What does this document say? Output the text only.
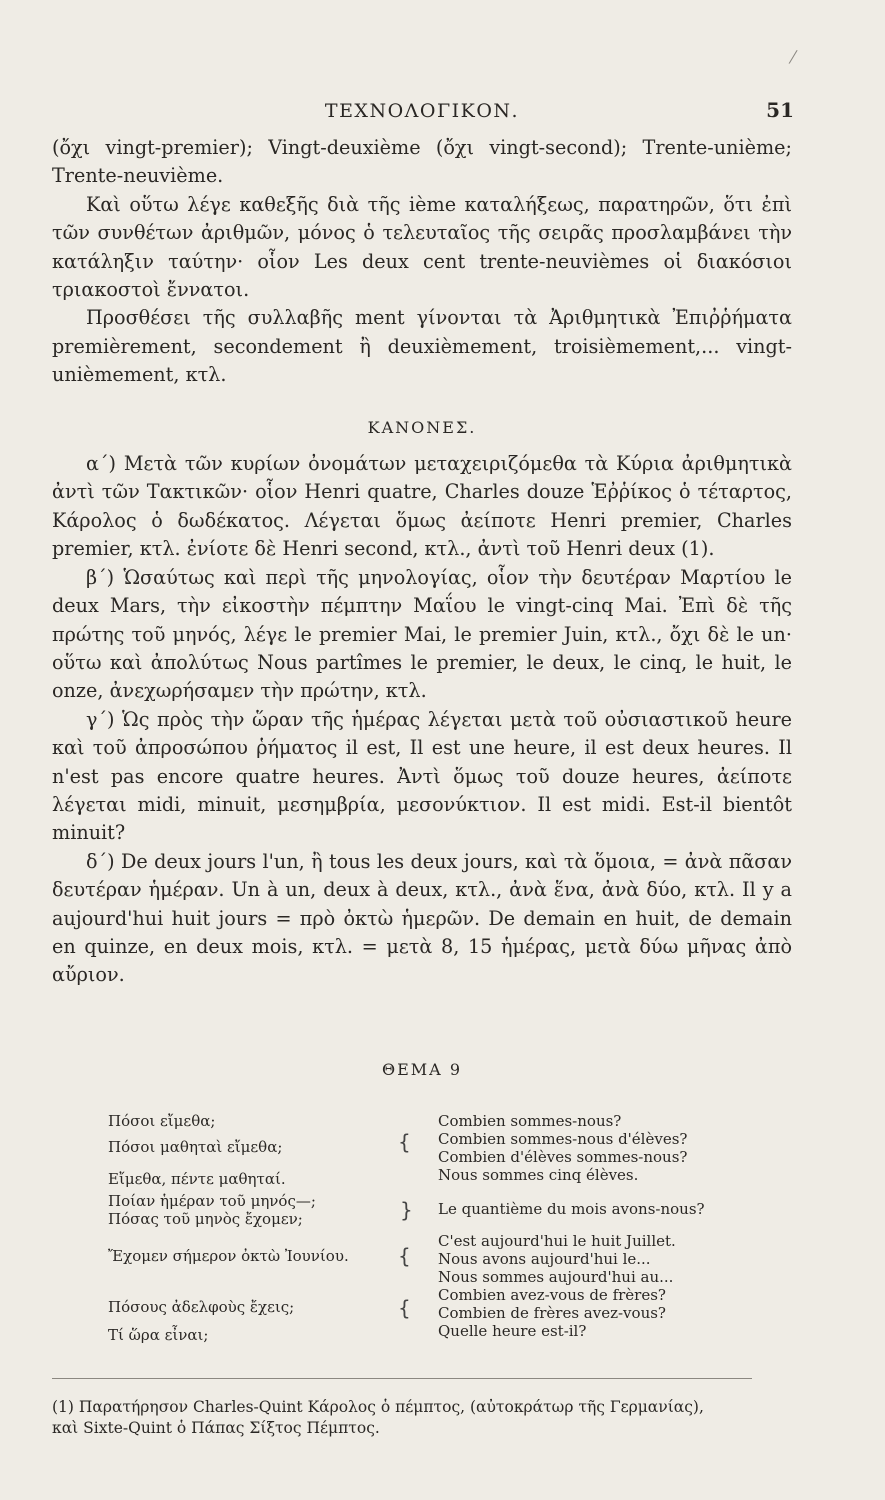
/
ΤΕΧΝΟΛΟΓΙΚΟΝ.	51

(ὄχι vingt-premier); Vingt-deuxième (ὄχι vingt-second); Trente-unième; Trente-neuvième.

Καὶ οὕτω λέγε καθεξῆς διὰ τῆς ième καταλήξεως, παρατηρῶν, ὅτι ἐπὶ τῶν συνθέτων ἀριθμῶν, μόνος ὁ τελευταῖος τῆς σειρᾶς προσλαμβάνει τὴν κατάληξιν ταύτην· οἷον Les deux cent trente-neuvièmes οἱ διακόσιοι τριακοστοὶ ἔννατοι.

Προσθέσει τῆς συλλαβῆς ment γίνονται τὰ Ἀριθμητικὰ Ἐπιῤῥήματα premièrement, secondement ἢ deuxièmement, troisièmement,... vingt-unièmement, κτλ.

ΚΑΝΟΝΕΣ.

α΄) Μετὰ τῶν κυρίων ὀνομάτων μεταχειριζόμεθα τὰ Κύρια ἀριθμητικὰ ἀντὶ τῶν Τακτικῶν· οἷον Henri quatre, Charles douze Ἑῤῥίκος ὁ τέταρτος, Κάρολος ὁ δωδέκατος. Λέγεται ὅμως ἀείποτε Henri premier, Charles premier, κτλ. ἐνίοτε δὲ Henri second, κτλ., ἀντὶ τοῦ Henri deux (1).

β΄) Ὡσαύτως καὶ περὶ τῆς μηνολογίας, οἷον τὴν δευτέραν Μαρτίου le deux Mars, τὴν εἰκοστὴν πέμπτην Μαΐου le vingt-cinq Mai. Ἐπὶ δὲ τῆς πρώτης τοῦ μηνός, λέγε le premier Mai, le premier Juin, κτλ., ὄχι δὲ le un· οὕτω καὶ ἀπολύτως Nous partîmes le premier, le deux, le cinq, le huit, le onze, ἀνεχωρήσαμεν τὴν πρώτην, κτλ.

γ΄) Ὡς πρὸς τὴν ὥραν τῆς ἡμέρας λέγεται μετὰ τοῦ οὐσιαστικοῦ heure καὶ τοῦ ἀπροσώπου ῥήματος il est, Il est une heure, il est deux heures. Il n'est pas encore quatre heures. Ἀντὶ ὅμως τοῦ douze heures, ἀείποτε λέγεται midi, minuit, μεσημβρία, μεσονύκτιον. Il est midi. Est-il bientôt minuit?

δ΄) De deux jours l'un, ἢ tous les deux jours, καὶ τὰ ὅμοια, = ἀνὰ πᾶσαν δευτέραν ἡμέραν. Un à un, deux à deux, κτλ., ἀνὰ ἕνα, ἀνὰ δύο, κτλ. Il y a aujourd'hui huit jours = πρὸ ὀκτὼ ἡμερῶν. De demain en huit, de demain en quinze, en deux mois, κτλ. = μετὰ 8, 15 ἡμέρας, μετὰ δύω μῆνας ἀπὸ αὔριον.

ΘΕΜΑ 9
Πόσοι εἴμεθα;
Πόσοι μαθηταὶ εἴμεθα;
Εἴμεθα, πέντε μαθηταί.
Ποίαν ἡμέραν τοῦ μηνός—;
Πόσας τοῦ μηνὸς ἔχομεν;
Ἔχομεν σήμερον ὀκτὼ Ἰουνίου.
Πόσους ἀδελφοὺς ἔχεις;
Τί ὥρα εἶναι;
{
}
{
{
Combien sommes-nous?
Combien sommes-nous d'élèves?
Combien d'élèves sommes-nous?
Nous sommes cinq élèves.
Le quantième du mois avons-nous?
C'est aujourd'hui le huit Juillet.
Nous avons aujourd'hui le...
Nous sommes aujourd'hui au...
Combien avez-vous de frères?
Combien de frères avez-vous?
Quelle heure est-il?
(1) Παρατήρησον Charles-Quint Κάρολος ὁ πέμπτος, (αὐτοκράτωρ τῆς Γερμανίας),
καὶ Sixte-Quint ὁ Πάπας Σίξτος Πέμπτος.
